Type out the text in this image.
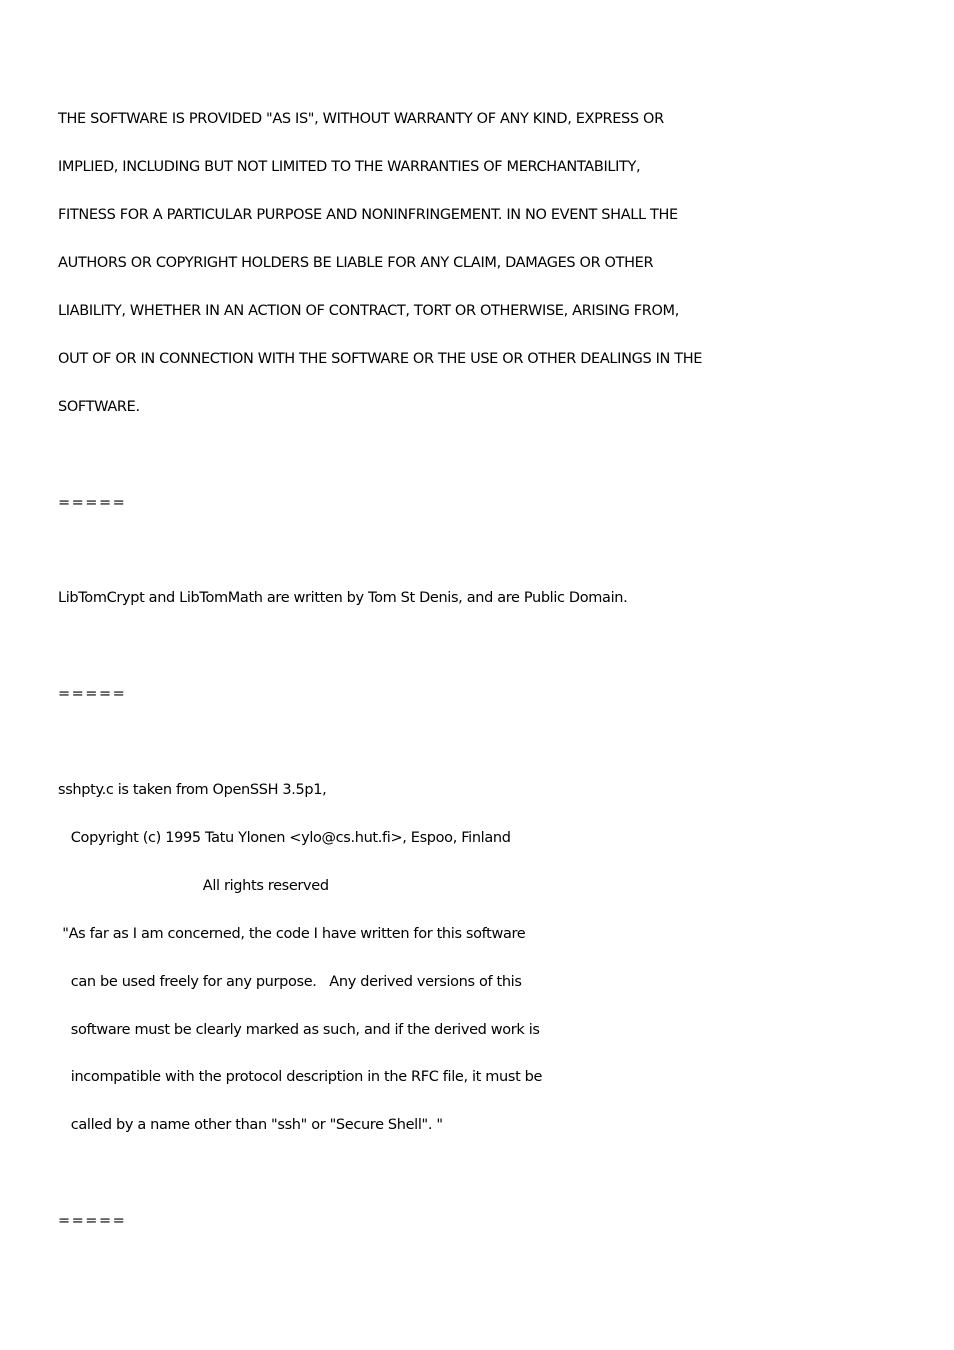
THE SOFTWARE IS PROVIDED "AS IS", WITHOUT WARRANTY OF ANY KIND, EXPRESS OR
IMPLIED, INCLUDING BUT NOT LIMITED TO THE WARRANTIES OF MERCHANTABILITY,
FITNESS FOR A PARTICULAR PURPOSE AND NONINFRINGEMENT. IN NO EVENT SHALL THE
AUTHORS OR COPYRIGHT HOLDERS BE LIABLE FOR ANY CLAIM, DAMAGES OR OTHER
LIABILITY, WHETHER IN AN ACTION OF CONTRACT, TORT OR OTHERWISE, ARISING FROM,
OUT OF OR IN CONNECTION WITH THE SOFTWARE OR THE USE OR OTHER DEALINGS IN THE
SOFTWARE.
=====
LibTomCrypt and LibTomMath are written by Tom St Denis, and are Public Domain.
=====
sshpty.c is taken from OpenSSH 3.5p1,
Copyright (c) 1995 Tatu Ylonen <ylo@cs.hut.fi>, Espoo, Finland
All rights reserved
"As far as I am concerned, the code I have written for this software
can be used freely for any purpose.   Any derived versions of this
software must be clearly marked as such, and if the derived work is
incompatible with the protocol description in the RFC file, it must be
called by a name other than "ssh" or "Secure Shell". "
=====
